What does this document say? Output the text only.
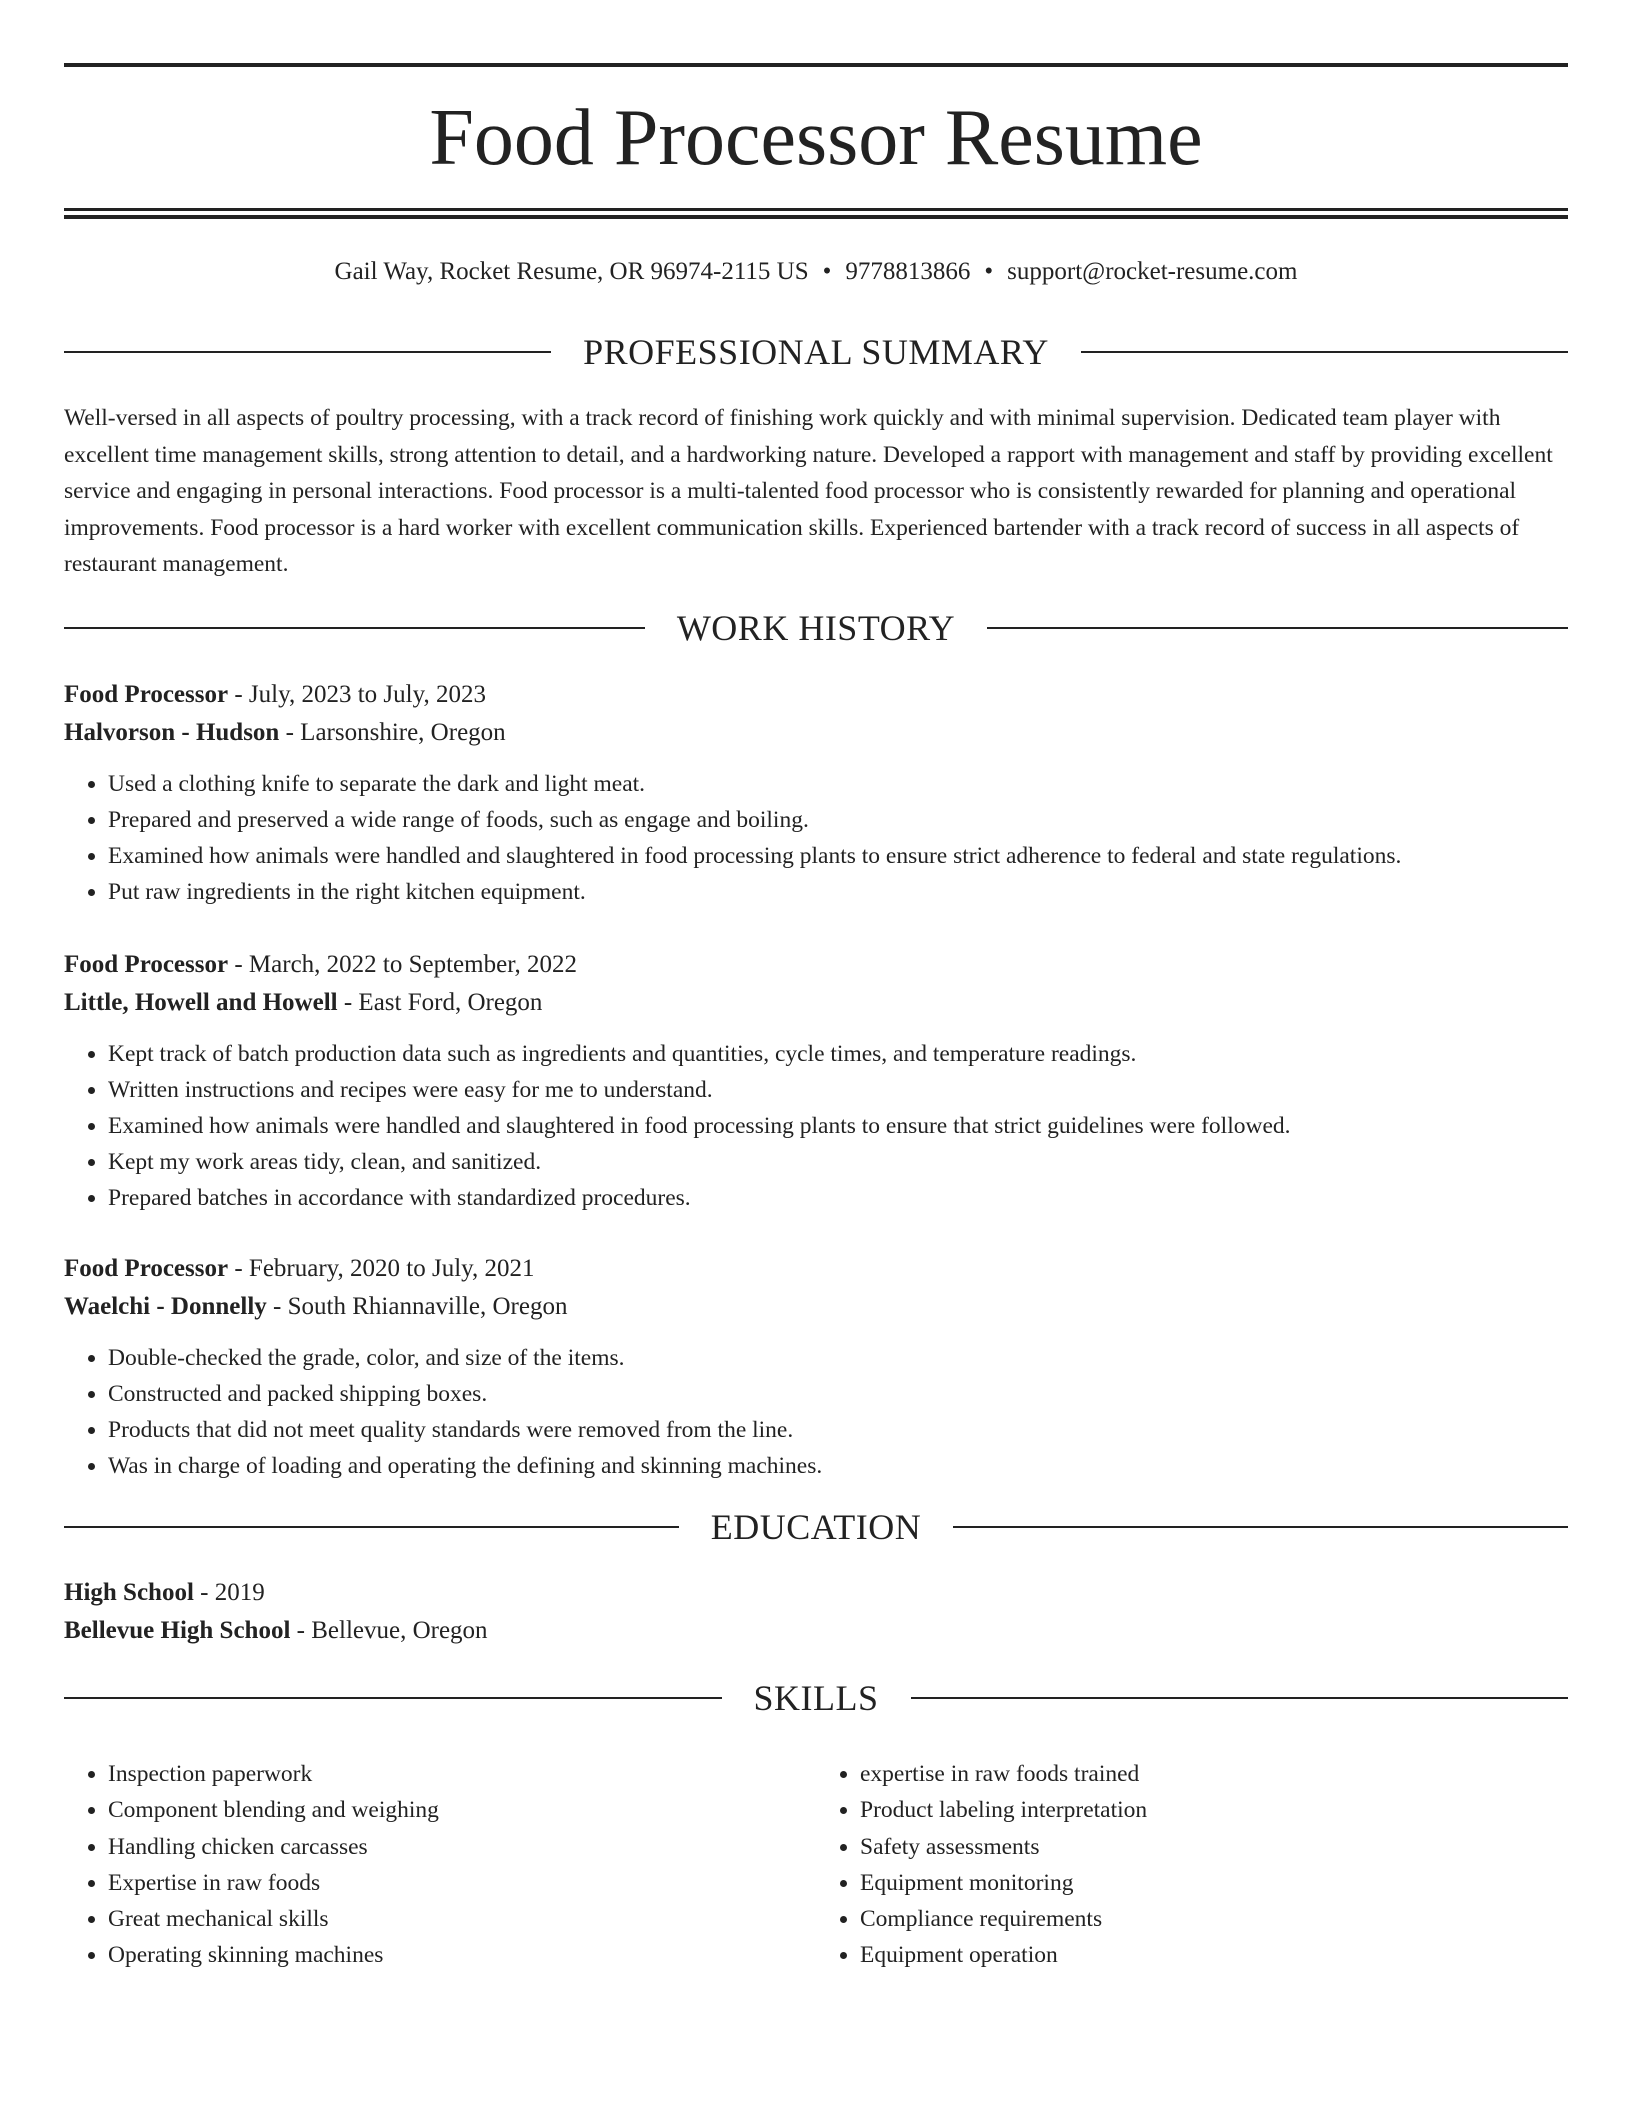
Food Processor Resume
Gail Way, Rocket Resume, OR 96974-2115 US • 9778813866 • support@rocket-resume.com
PROFESSIONAL SUMMARY

Well-versed in all aspects of poultry processing, with a track record of finishing work quickly and with minimal supervision. Dedicated team player with excellent time management skills, strong attention to detail, and a hardworking nature. Developed a rapport with management and staff by providing excellent service and engaging in personal interactions. Food processor is a multi-talented food processor who is consistently rewarded for planning and operational improvements. Food processor is a hard worker with excellent communication skills. Experienced bartender with a track record of success in all aspects of restaurant management.

WORK HISTORY
Food Processor - July, 2023 to July, 2023
Halvorson - Hudson - Larsonshire, Oregon
• Used a clothing knife to separate the dark and light meat.
• Prepared and preserved a wide range of foods, such as engage and boiling.
• Examined how animals were handled and slaughtered in food processing plants to ensure strict adherence to federal and state regulations.
• Put raw ingredients in the right kitchen equipment.
Food Processor - March, 2022 to September, 2022
Little, Howell and Howell - East Ford, Oregon
• Kept track of batch production data such as ingredients and quantities, cycle times, and temperature readings.
• Written instructions and recipes were easy for me to understand.
• Examined how animals were handled and slaughtered in food processing plants to ensure that strict guidelines were followed.
• Kept my work areas tidy, clean, and sanitized.
• Prepared batches in accordance with standardized procedures.
Food Processor - February, 2020 to July, 2021
Waelchi - Donnelly - South Rhiannaville, Oregon
• Double-checked the grade, color, and size of the items.
• Constructed and packed shipping boxes.
• Products that did not meet quality standards were removed from the line.
• Was in charge of loading and operating the defining and skinning machines.
EDUCATION
High School - 2019
Bellevue High School - Bellevue, Oregon
SKILLS
• Inspection paperwork
• Component blending and weighing
• Handling chicken carcasses
• Expertise in raw foods
• Great mechanical skills
• Operating skinning machines
• expertise in raw foods trained
• Product labeling interpretation
• Safety assessments
• Equipment monitoring
• Compliance requirements
• Equipment operation
